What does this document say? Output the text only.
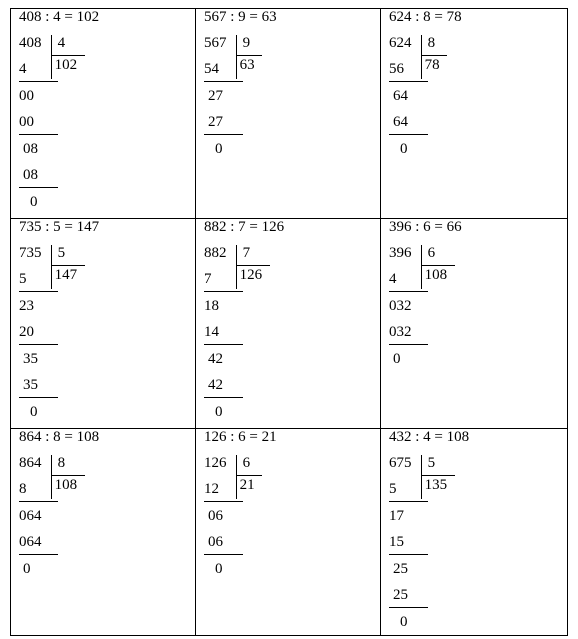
408 : 4 = 102
408 4
102
4
00
00
08
08
0
567 : 9 = 63
567 9
63
54
27
27
0
624 : 8 = 78
624 8
78
56
64
64
0
735 : 5 = 147
735 5
147
5
23
20
35
35
0
882 : 7 = 126
882 7
126
7
18
14
42
42
0
396 : 6 = 66
396 6
108
4
032
032
0
864 : 8 = 108
864 8
108
8
064
064
0
126 : 6 = 21
126 6
21
12
06
06
0
432 : 4 = 108
675 5
135
5
17
15
25
25
0
